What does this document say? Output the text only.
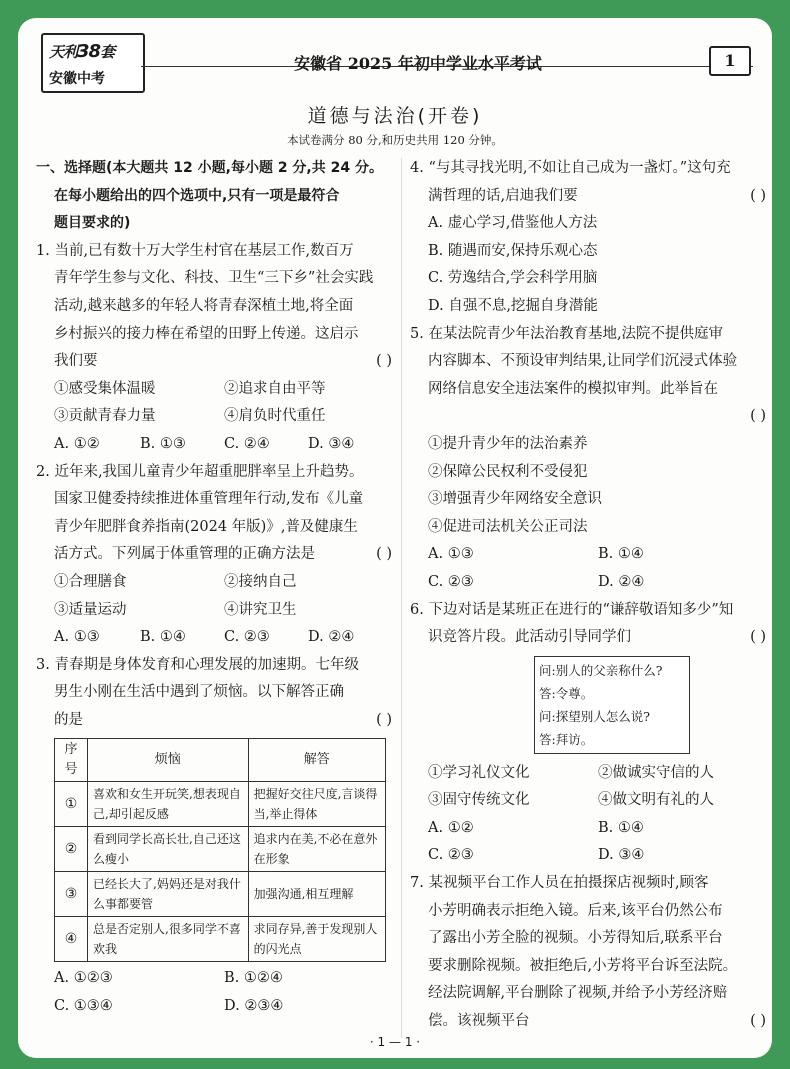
天利38套
安徽中考
安徽省 2025 年初中学业水平考试	1
道德与法治(开卷)
本试卷满分 80 分,和历史共用 120 分钟。
一、选择题(本大题共 12 小题,每小题 2 分,共 24 分。
在每小题给出的四个选项中,只有一项是最符合
题目要求的)
1. 当前,已有数十万大学生村官在基层工作,数百万
青年学生参与文化、科技、卫生“三下乡”社会实践
活动,越来越多的年轻人将青春深植土地,将全面
乡村振兴的接力棒在希望的田野上传递。这启示
我们要	( )
①感受集体温暖	②追求自由平等
③贡献青春力量	④肩负时代重任
A. ①②	B. ①③	C. ②④	D. ③④
2. 近年来,我国儿童青少年超重肥胖率呈上升趋势。
国家卫健委持续推进体重管理年行动,发布《儿童
青少年肥胖食养指南(2024 年版)》,普及健康生
活方式。下列属于体重管理的正确方法是	( )
①合理膳食	②接纳自己
③适量运动	④讲究卫生
A. ①③	B. ①④	C. ②③	D. ②④
3. 青春期是身体发育和心理发展的加速期。七年级
男生小刚在生活中遇到了烦恼。以下解答正确
的是	( )
序号	烦恼	解答
①	喜欢和女生开玩笑,想表现自己,却引起反感	把握好交往尺度,言谈得当,举止得体
②	看到同学长高长壮,自己还这么瘦小	追求内在美,不必在意外在形象
③	已经长大了,妈妈还是对我什么事都要管	加强沟通,相互理解
④	总是否定别人,很多同学不喜欢我	求同存异,善于发现别人的闪光点
A. ①②③	B. ①②④
C. ①③④	D. ②③④
4. “与其寻找光明,不如让自己成为一盏灯。”这句充
满哲理的话,启迪我们要	( )
A. 虚心学习,借鉴他人方法
B. 随遇而安,保持乐观心态
C. 劳逸结合,学会科学用脑
D. 自强不息,挖掘自身潜能
5. 在某法院青少年法治教育基地,法院不提供庭审
内容脚本、不预设审判结果,让同学们沉浸式体验
网络信息安全违法案件的模拟审判。此举旨在
( )
①提升青少年的法治素养
②保障公民权利不受侵犯
③增强青少年网络安全意识
④促进司法机关公正司法
A. ①③	B. ①④
C. ②③	D. ②④
6. 下边对话是某班正在进行的“谦辞敬语知多少”知
识竞答片段。此活动引导同学们	( )
问:别人的父亲称什么?
答:令尊。
问:探望别人怎么说?
答:拜访。
①学习礼仪文化	②做诚实守信的人
③固守传统文化	④做文明有礼的人
A. ①②	B. ①④
C. ②③	D. ③④
7. 某视频平台工作人员在拍摄探店视频时,顾客
小芳明确表示拒绝入镜。后来,该平台仍然公布
了露出小芳全脸的视频。小芳得知后,联系平台
要求删除视频。被拒绝后,小芳将平台诉至法院。
经法院调解,平台删除了视频,并给予小芳经济赔
偿。该视频平台	( )
· 1 — 1 ·
